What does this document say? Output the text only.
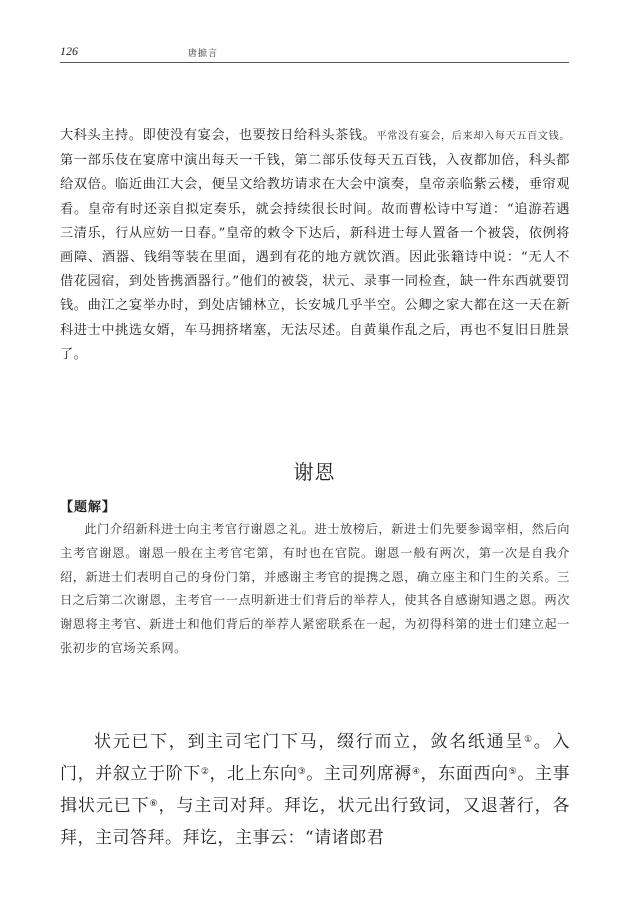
126	唐摭言
大科头主持。即使没有宴会，也要按日给科头茶钱。平常没有宴会，后来却入每天五百文钱。第一部乐伎在宴席中演出每天一千钱，第二部乐伎每天五百钱，入夜都加倍，科头都给双倍。临近曲江大会，便呈文给教坊请求在大会中演奏，皇帝亲临紫云楼，垂帘观看。皇帝有时还亲自拟定奏乐，就会持续很长时间。故而曹松诗中写道：“追游若遇三清乐，行从应妨一日春。”皇帝的敕令下达后，新科进士每人置备一个被袋，依例将画障、酒器、钱绢等装在里面，遇到有花的地方就饮酒。因此张籍诗中说：“无人不借花园宿，到处皆携酒器行。”他们的被袋，状元、录事一同检查，缺一件东西就要罚钱。曲江之宴举办时，到处店铺林立，长安城几乎半空。公卿之家大都在这一天在新科进士中挑选女婿，车马拥挤堵塞，无法尽述。自黄巢作乱之后，再也不复旧日胜景了。
谢恩
【题解】
此门介绍新科进士向主考官行谢恩之礼。进士放榜后，新进士们先要参谒宰相，然后向主考官谢恩。谢恩一般在主考官宅第，有时也在官院。谢恩一般有两次，第一次是自我介绍，新进士们表明自己的身份门第，并感谢主考官的提携之恩，确立座主和门生的关系。三日之后第二次谢恩，主考官一一点明新进士们背后的举荐人，使其各自感谢知遇之恩。两次谢恩将主考官、新进士和他们背后的举荐人紧密联系在一起，为初得科第的进士们建立起一张初步的官场关系网。
状元已下，到主司宅门下马，缀行而立，敛名纸通呈①。入门，并叙立于阶下②，北上东向③。主司列席褥④，东面西向⑤。主事揖状元已下⑥，与主司对拜。拜讫，状元出行致词，又退著行，各拜，主司答拜。拜讫，主事云：“请诸郎君
